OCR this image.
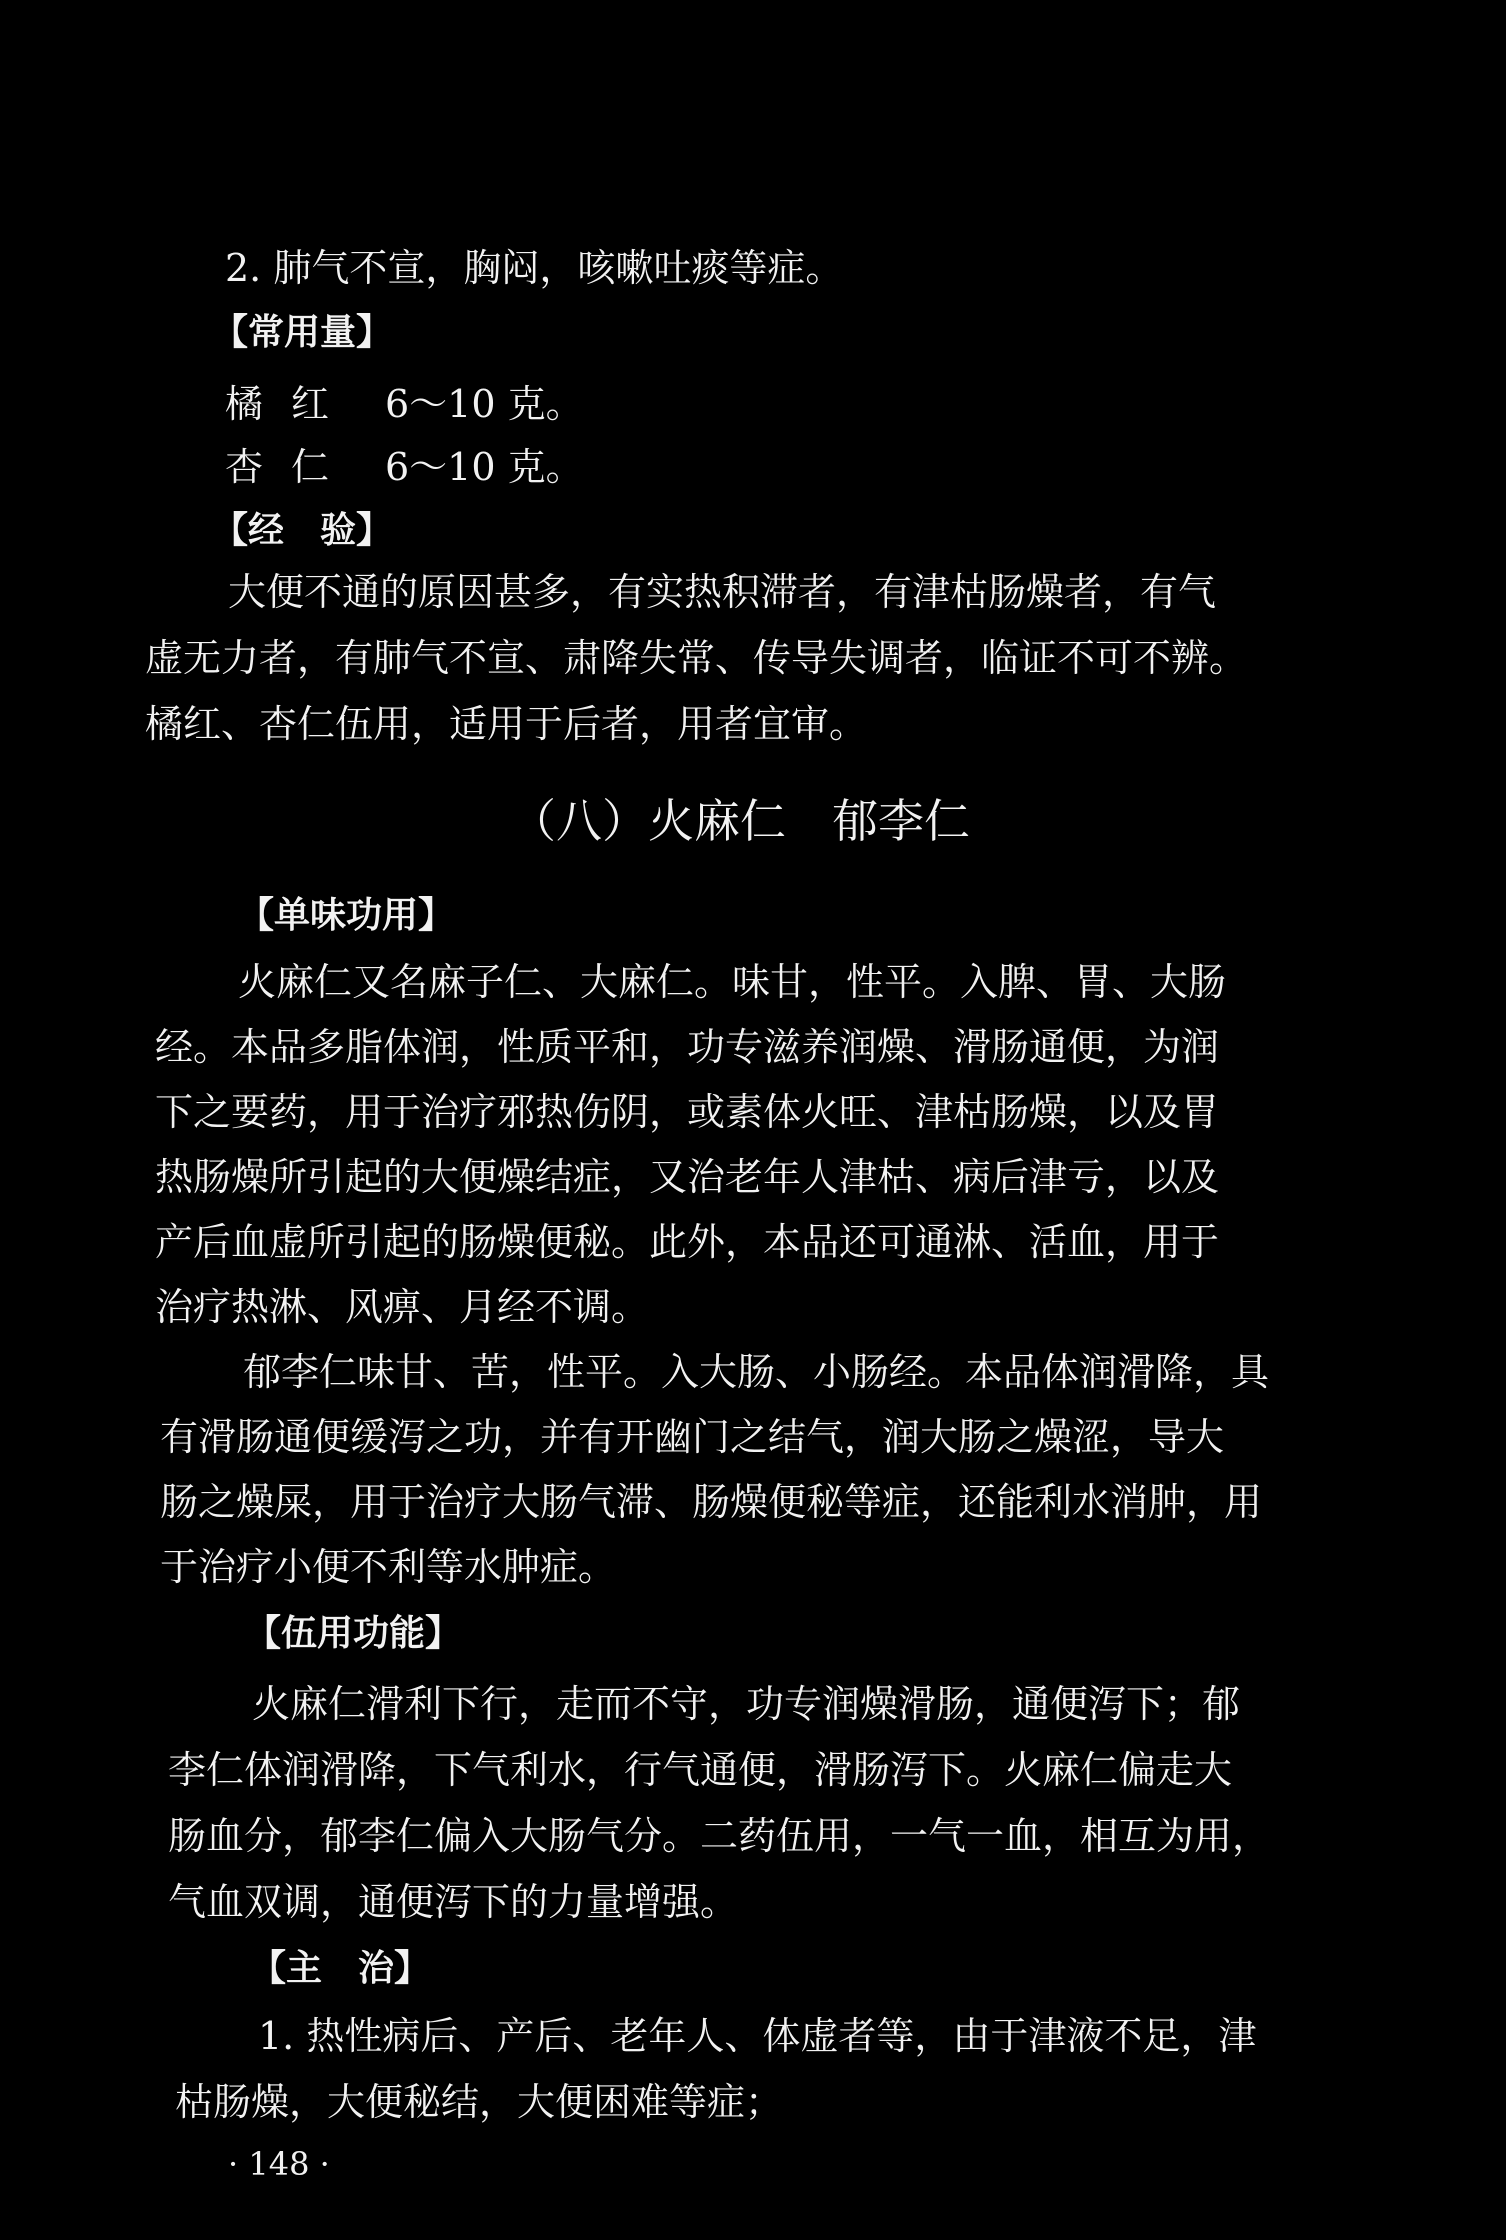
2. 肺气不宣，胸闷，咳嗽吐痰等症。
【常用量】
橘红 6～10 克。
杏仁 6～10 克。
【经　验】
大便不通的原因甚多，有实热积滞者，有津枯肠燥者，有气
虚无力者，有肺气不宣、肃降失常、传导失调者，临证不可不辨。
橘红、杏仁伍用，适用于后者，用者宜审。
（八）火麻仁　郁李仁
【单味功用】
火麻仁又名麻子仁、大麻仁。味甘，性平。入脾、胃、大肠
经。本品多脂体润，性质平和，功专滋养润燥、滑肠通便，为润
下之要药，用于治疗邪热伤阴，或素体火旺、津枯肠燥，以及胃
热肠燥所引起的大便燥结症，又治老年人津枯、病后津亏，以及
产后血虚所引起的肠燥便秘。此外，本品还可通淋、活血，用于
治疗热淋、风痹、月经不调。
郁李仁味甘、苦，性平。入大肠、小肠经。本品体润滑降，具
有滑肠通便缓泻之功，并有开幽门之结气，润大肠之燥涩，导大
肠之燥屎，用于治疗大肠气滞、肠燥便秘等症，还能利水消肿，用
于治疗小便不利等水肿症。
【伍用功能】
火麻仁滑利下行，走而不守，功专润燥滑肠，通便泻下；郁
李仁体润滑降，下气利水，行气通便，滑肠泻下。火麻仁偏走大
肠血分，郁李仁偏入大肠气分。二药伍用，一气一血，相互为用，
气血双调，通便泻下的力量增强。
【主　治】
1. 热性病后、产后、老年人、体虚者等，由于津液不足，津
枯肠燥，大便秘结，大便困难等症；
· 148 ·
